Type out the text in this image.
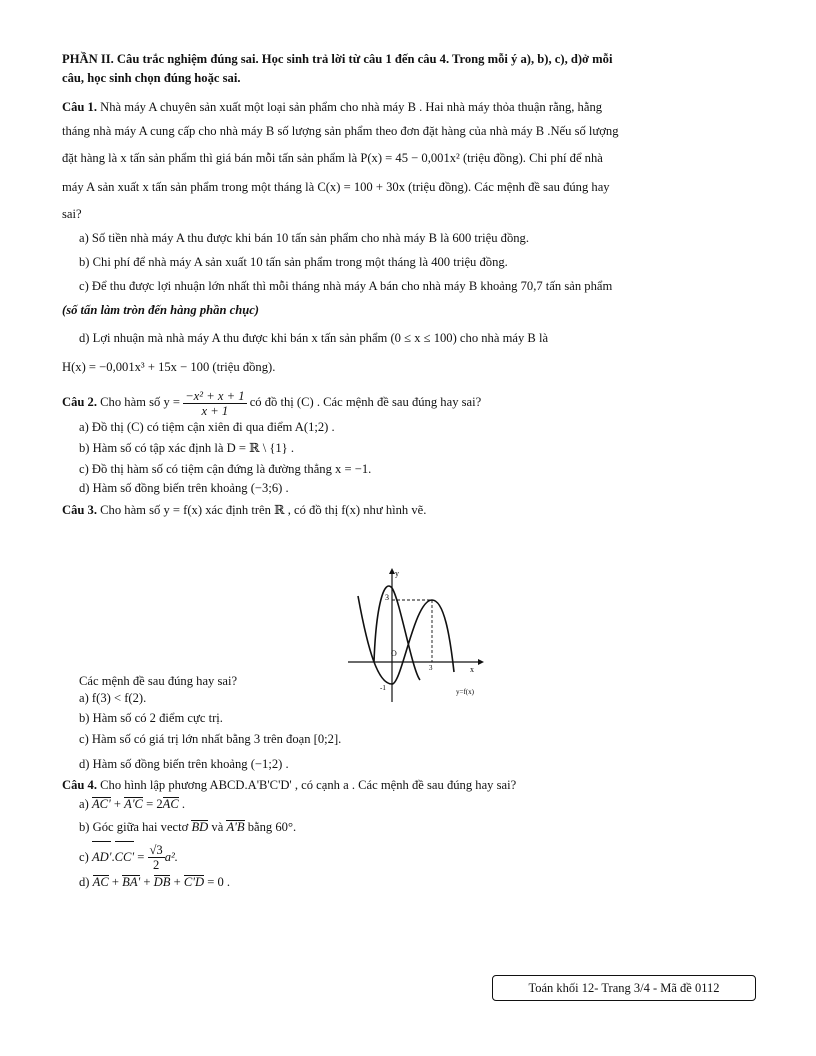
PHẦN II. Câu trắc nghiệm đúng sai. Học sinh trả lời từ câu 1 đến câu 4. Trong mỗi ý a), b), c), d)ở mỗi
câu, học sinh chọn đúng hoặc sai.
Câu 1. Nhà máy A chuyên sản xuất một loại sản phẩm cho nhà máy B . Hai nhà máy thỏa thuận rằng, hằng
tháng nhà máy A cung cấp cho nhà máy B số lượng sản phẩm theo đơn đặt hàng của nhà máy B .Nếu số lượng
đặt hàng là x tấn sản phẩm thì giá bán mỗi tấn sản phẩm là P(x) = 45 − 0,001x² (triệu đồng). Chi phí để nhà
máy A sản xuất x tấn sản phẩm trong một tháng là C(x) = 100 + 30x (triệu đồng). Các mệnh đề sau đúng hay
sai?
a) Số tiền nhà máy A thu được khi bán 10 tấn sản phẩm cho nhà máy B là 600 triệu đồng.
b) Chi phí để nhà máy A sản xuất 10 tấn sản phẩm trong một tháng là 400 triệu đồng.
c) Để thu được lợi nhuận lớn nhất thì mỗi tháng nhà máy A bán cho nhà máy B khoảng 70,7 tấn sản phẩm
(số tấn làm tròn đến hàng phần chục)
d) Lợi nhuận mà nhà máy A thu được khi bán x tấn sản phẩm (0 ≤ x ≤ 100) cho nhà máy B là
H(x) = −0,001x³ + 15x − 100 (triệu đồng).
Câu 2. Cho hàm số $y = \frac{\text{−x² + x + 1}}{x + 1}$ có đồ thị (C) . Các mệnh đề sau đúng hay sai?
a) Đồ thị (C) có tiệm cận xiên đi qua điểm A(1;2) .
b) Hàm số có tập xác định là D = ℝ \ {1} .
c) Đồ thị hàm số có tiệm cận đứng là đường thẳng x = −1.
d) Hàm số đồng biến trên khoảng (−3;6) .
Câu 3. Cho hàm số y = f(x) xác định trên ℝ , có đồ thị f(x) như hình vẽ.
Các mệnh đề sau đúng hay sai?
a) f(3) < f(2).
b) Hàm số có 2 điểm cực trị.
c) Hàm số có giá trị lớn nhất bằng 3 trên đoạn [0;2].
d) Hàm số đồng biến trên khoảng (−1;2) .
Câu 4. Cho hình lập phương ABCD.A'B'C'D' , có cạnh a . Các mệnh đề sau đúng hay sai?
a) AC' + A'C = 2AC .
b) Góc giữa hai vectơ BD và A'B bằng 60°.
c) $AD'.CC' = \frac{√3}{2} a^2$.
d) AC + BA' + DB + C'D = 0 .
y
x
3
O
3
-1	y=f(x)
Toán khối 12- Trang 3/4 - Mã đề 0112
